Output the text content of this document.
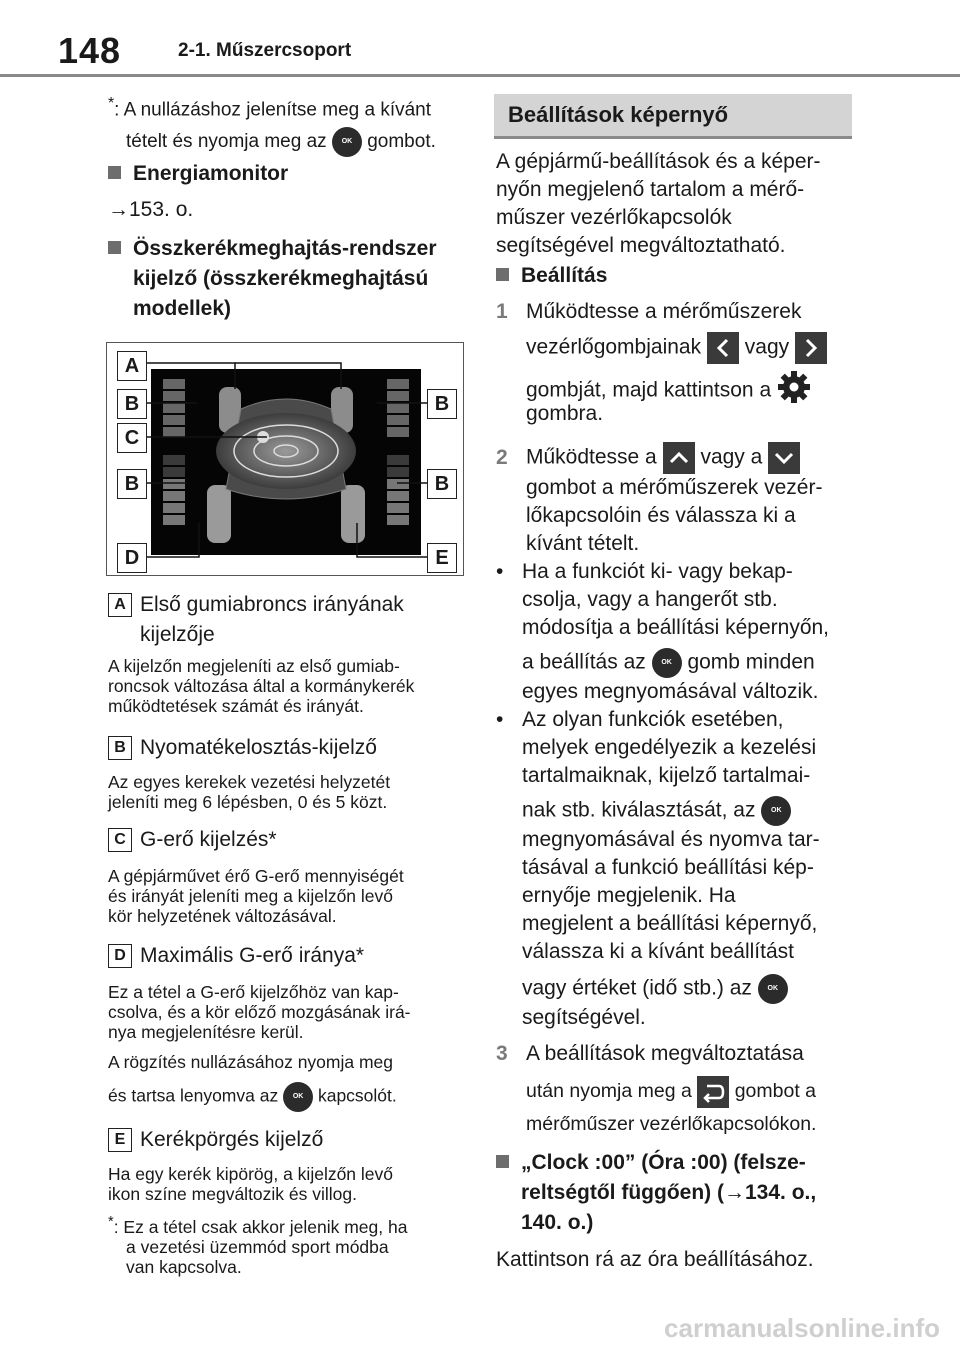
148	2-1. Műszercsoport
*: A nullázáshoz jelenítse meg a kívánt
tételt és nyomja meg az OK gombot.
Energiamonitor
→153. o.
Összkerékmeghajtás-rendszer
kijelző (összkerékmeghajtású
modellek)
A
B	B
C
B	B
D	E
A Első gumiabroncs irányának
kijelzője
A kijelzőn megjeleníti az első gumiab-
roncsok változása által a kormánykerék
működtetések számát és irányát.
B Nyomatékelosztás-kijelző
Az egyes kerekek vezetési helyzetét
jeleníti meg 6 lépésben, 0 és 5 közt.
C G-erő kijelzés*
A gépjárművet érő G-erő mennyiségét
és irányát jeleníti meg a kijelzőn levő
kör helyzetének változásával.
D Maximális G-erő iránya*
Ez a tétel a G-erő kijelzőhöz van kap-
csolva, és a kör előző mozgásának irá-
nya megjelenítésre kerül.
A rögzítés nullázásához nyomja meg
és tartsa lenyomva az OK kapcsolót.
E Kerékpörgés kijelző
Ha egy kerék kipörög, a kijelzőn levő
ikon színe megváltozik és villog.
*: Ez a tétel csak akkor jelenik meg, ha
a vezetési üzemmód sport módba
van kapcsolva.
Beállítások képernyő
A gépjármű-beállítások és a képer-
nyőn megjelenő tartalom a mérő-
műszer vezérlőkapcsolók
segítségével megváltoztatható.
Beállítás
1 Működtesse a mérőműszerek
vezérlőgombjainak vagy
gombját, majd kattintson a
gombra.
2 Működtesse a vagy a
gombot a mérőműszerek vezér-
lőkapcsolóin és válassza ki a
kívánt tételt.
• Ha a funkciót ki- vagy bekap-
csolja, vagy a hangerőt stb.
módosítja a beállítási képernyőn,
a beállítás az OK gomb minden
egyes megnyomásával változik.
• Az olyan funkciók esetében,
melyek engedélyezik a kezelési
tartalmaiknak, kijelző tartalmai-
nak stb. kiválasztását, az OK
megnyomásával és nyomva tar-
tásával a funkció beállítási kép-
ernyője megjelenik. Ha
megjelent a beállítási képernyő,
válassza ki a kívánt beállítást
vagy értéket (idő stb.) az OK
segítségével.
3 A beállítások megváltoztatása
után nyomja meg a gombot a
mérőműszer vezérlőkapcsolókon.
„Clock :00” (Óra :00) (felsze-
reltségtől függően) (→134. o.,
140. o.)
Kattintson rá az óra beállításához.
carmanualsonline.info
